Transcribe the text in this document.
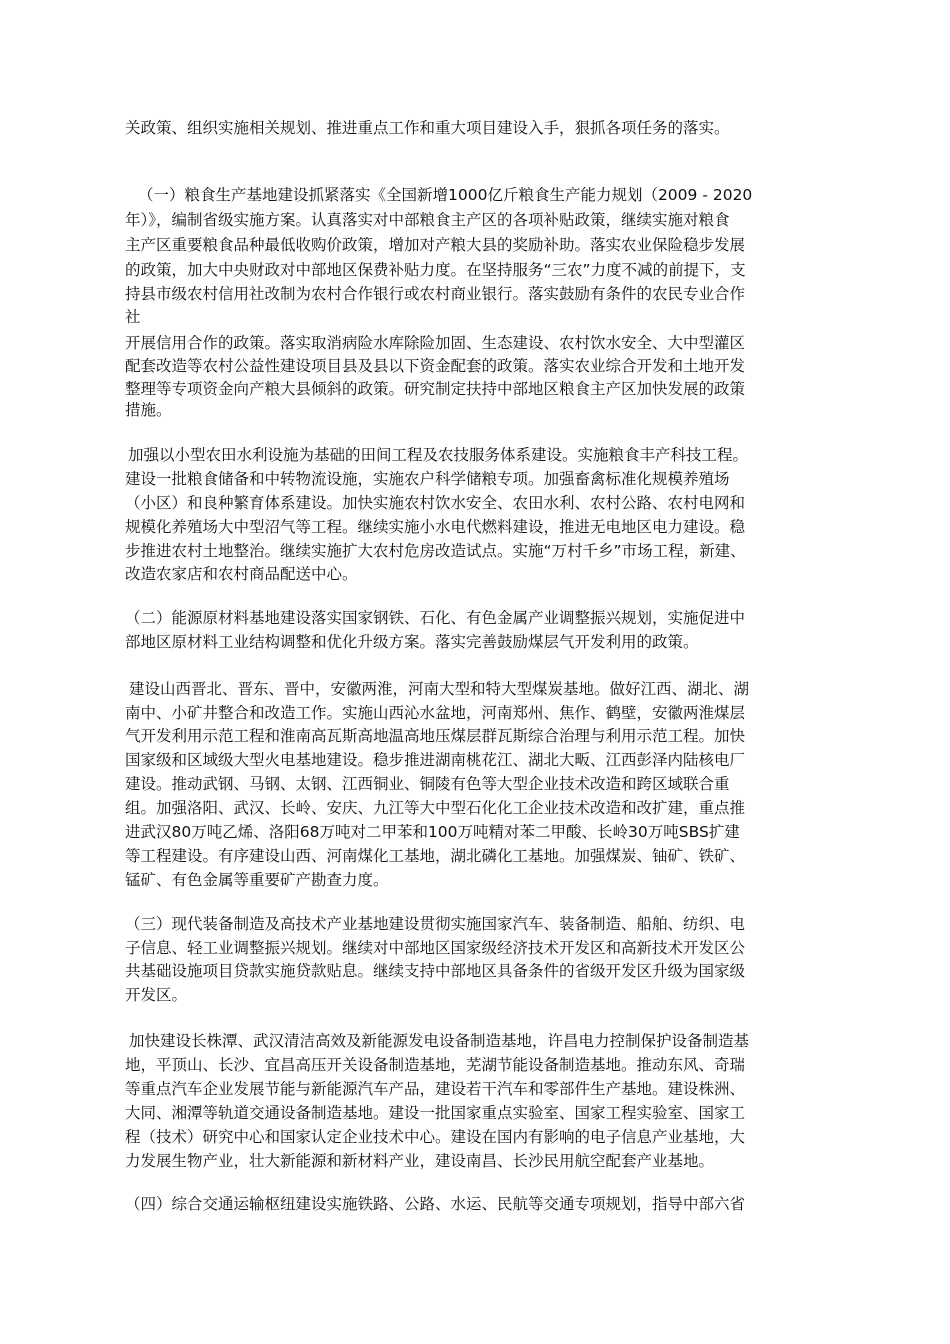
关政策、组织实施相关规划、推进重点工作和重大项目建设入手，狠抓各项任务的落实。

（一）粮食生产基地建设抓紧落实《全国新增1000亿斤粮食生产能力规划（2009 - 2020

年）》，编制省级实施方案。认真落实对中部粮食主产区的各项补贴政策，继续实施对粮食

主产区重要粮食品种最低收购价政策，增加对产粮大县的奖励补助。落实农业保险稳步发展

的政策，加大中央财政对中部地区保费补贴力度。在坚持服务“三农”力度不减的前提下，支

持县市级农村信用社改制为农村合作银行或农村商业银行。落实鼓励有条件的农民专业合作

社

开展信用合作的政策。落实取消病险水库除险加固、生态建设、农村饮水安全、大中型灌区

配套改造等农村公益性建设项目县及县以下资金配套的政策。落实农业综合开发和土地开发

整理等专项资金向产粮大县倾斜的政策。研究制定扶持中部地区粮食主产区加快发展的政策

措施。

加强以小型农田水利设施为基础的田间工程及农技服务体系建设。实施粮食丰产科技工程。

建设一批粮食储备和中转物流设施，实施农户科学储粮专项。加强畜禽标准化规模养殖场

（小区）和良种繁育体系建设。加快实施农村饮水安全、农田水利、农村公路、农村电网和

规模化养殖场大中型沼气等工程。继续实施小水电代燃料建设，推进无电地区电力建设。稳

步推进农村土地整治。继续实施扩大农村危房改造试点。实施“万村千乡”市场工程，新建、

改造农家店和农村商品配送中心。

（二）能源原材料基地建设落实国家钢铁、石化、有色金属产业调整振兴规划，实施促进中

部地区原材料工业结构调整和优化升级方案。落实完善鼓励煤层气开发利用的政策。

建设山西晋北、晋东、晋中，安徽两淮，河南大型和特大型煤炭基地。做好江西、湖北、湖

南中、小矿井整合和改造工作。实施山西沁水盆地，河南郑州、焦作、鹤壁，安徽两淮煤层

气开发利用示范工程和淮南高瓦斯高地温高地压煤层群瓦斯综合治理与利用示范工程。加快

国家级和区域级大型火电基地建设。稳步推进湖南桃花江、湖北大畈、江西彭泽内陆核电厂

建设。推动武钢、马钢、太钢、江西铜业、铜陵有色等大型企业技术改造和跨区域联合重

组。加强洛阳、武汉、长岭、安庆、九江等大中型石化化工企业技术改造和改扩建，重点推

进武汉80万吨乙烯、洛阳68万吨对二甲苯和100万吨精对苯二甲酸、长岭30万吨SBS扩建

等工程建设。有序建设山西、河南煤化工基地，湖北磷化工基地。加强煤炭、铀矿、铁矿、

锰矿、有色金属等重要矿产勘查力度。

（三）现代装备制造及高技术产业基地建设贯彻实施国家汽车、装备制造、船舶、纺织、电

子信息、轻工业调整振兴规划。继续对中部地区国家级经济技术开发区和高新技术开发区公

共基础设施项目贷款实施贷款贴息。继续支持中部地区具备条件的省级开发区升级为国家级

开发区。

加快建设长株潭、武汉清洁高效及新能源发电设备制造基地，许昌电力控制保护设备制造基

地，平顶山、长沙、宜昌高压开关设备制造基地，芜湖节能设备制造基地。推动东风、奇瑞

等重点汽车企业发展节能与新能源汽车产品，建设若干汽车和零部件生产基地。建设株洲、

大同、湘潭等轨道交通设备制造基地。建设一批国家重点实验室、国家工程实验室、国家工

程（技术）研究中心和国家认定企业技术中心。建设在国内有影响的电子信息产业基地，大

力发展生物产业，壮大新能源和新材料产业，建设南昌、长沙民用航空配套产业基地。

（四）综合交通运输枢纽建设实施铁路、公路、水运、民航等交通专项规划，指导中部六省
